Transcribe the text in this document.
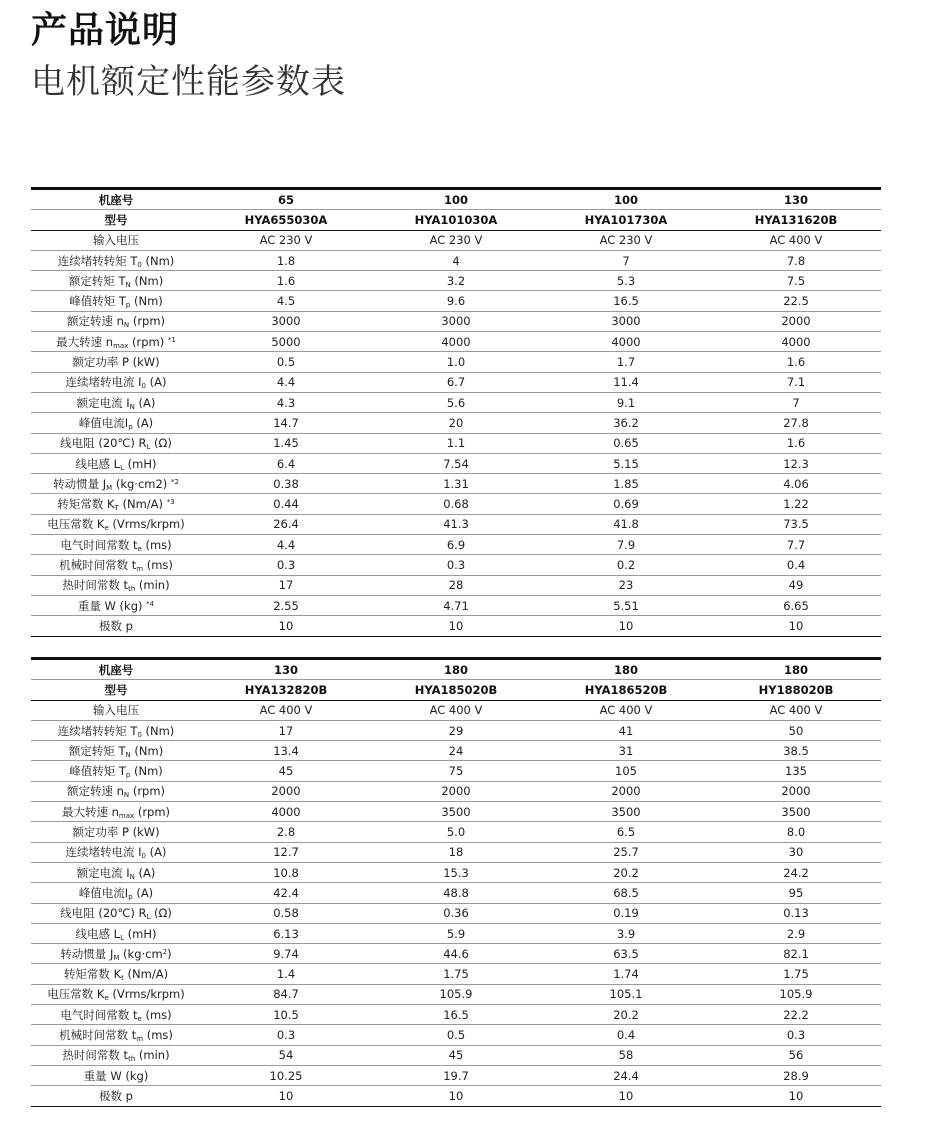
产品说明
电机额定性能参数表
机座号	65	100	100	130
型号	HYA655030A	HYA101030A	HYA101730A	HYA131620B
输入电压	AC 230 V	AC 230 V	AC 230 V	AC 400 V
连续堵转转矩 $T_0$ (Nm)	1.8	4	7	7.8
额定转矩 $T_N$ (Nm)	1.6	3.2	5.3	7.5
峰值转矩 $T_p$ (Nm)	4.5	9.6	16.5	22.5
额定转速 $n_N$ (rpm)	3000	3000	3000	2000
最大转速 $n_{max}$ (rpm) $^{*1}$	5000	4000	4000	4000
额定功率 P (kW)	0.5	1.0	1.7	1.6
连续堵转电流 $I_0$ (A)	4.4	6.7	11.4	7.1
额定电流 $I_N$ (A)	4.3	5.6	9.1	7
峰值电流$I_p$ (A)	14.7	20	36.2	27.8
线电阻 (20℃) $R_L$ (Ω)	1.45	1.1	0.65	1.6
线电感 $L_L$ (mH)	6.4	7.54	5.15	12.3
转动惯量 $J_M$ (kg·cm2) $^{*2}$	0.38	1.31	1.85	4.06
转矩常数 $K_T$ (Nm/A) $^{*3}$	0.44	0.68	0.69	1.22
电压常数 $K_e$ (Vrms/krpm)	26.4	41.3	41.8	73.5
电气时间常数 $t_e$ (ms)	4.4	6.9	7.9	7.7
机械时间常数 $t_m$ (ms)	0.3	0.3	0.2	0.4
热时间常数 $t_{th}$ (min)	17	28	23	49
重量 W (kg) $^{*4}$	2.55	4.71	5.51	6.65
极数 p	10	10	10	10
机座号	130	180	180	180
型号	HYA132820B	HYA185020B	HYA186520B	HY188020B
输入电压	AC 400 V	AC 400 V	AC 400 V	AC 400 V
连续堵转转矩 $T_0$ (Nm)	17	29	41	50
额定转矩 $T_N$ (Nm)	13.4	24	31	38.5
峰值转矩 $T_p$ (Nm)	45	75	105	135
额定转速 $n_N$ (rpm)	2000	2000	2000	2000
最大转速 $n_{max}$ (rpm)	4000	3500	3500	3500
额定功率 P (kW)	2.8	5.0	6.5	8.0
连续堵转电流 $I_0$ (A)	12.7	18	25.7	30
额定电流 $I_N$ (A)	10.8	15.3	20.2	24.2
峰值电流$I_p$ (A)	42.4	48.8	68.5	95
线电阻 (20℃) $R_L$ (Ω)	0.58	0.36	0.19	0.13
线电感 $L_L$ (mH)	6.13	5.9	3.9	2.9
转动惯量 $J_M$ $(kg\cdot cm^2)$	9.74	44.6	63.5	82.1
转矩常数 $K_t$ (Nm/A)	1.4	1.75	1.74	1.75
电压常数 $K_e$ (Vrms/krpm)	84.7	105.9	105.1	105.9
电气时间常数 $t_e$ (ms)	10.5	16.5	20.2	22.2
机械时间常数 $t_m$ (ms)	0.3	0.5	0.4	0.3
热时间常数 $t_{th}$ (min)	54	45	58	56
重量 W (kg)	10.25	19.7	24.4	28.9
极数 p	10	10	10	10
